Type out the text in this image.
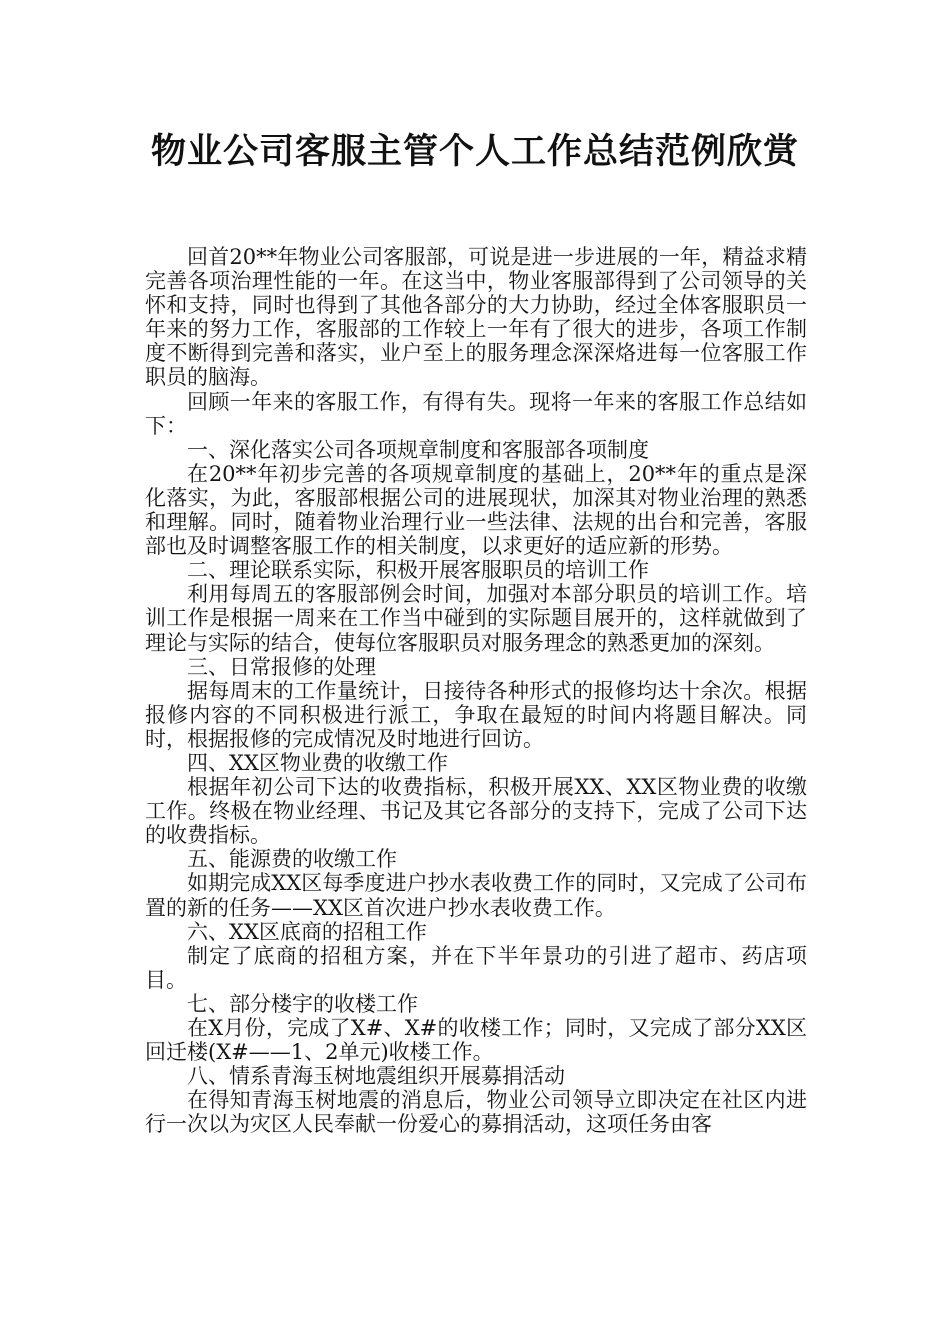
物业公司客服主管个人工作总结范例欣赏

回首20**年物业公司客服部，可说是进一步进展的一年，精益求精完善各项治理性能的一年。在这当中，物业客服部得到了公司领导的关怀和支持，同时也得到了其他各部分的大力协助，经过全体客服职员一年来的努力工作，客服部的工作较上一年有了很大的进步，各项工作制度不断得到完善和落实，业户至上的服务理念深深烙进每一位客服工作职员的脑海。

回顾一年来的客服工作，有得有失。现将一年来的客服工作总结如下：

一、深化落实公司各项规章制度和客服部各项制度

在20**年初步完善的各项规章制度的基础上，20**年的重点是深化落实，为此，客服部根据公司的进展现状，加深其对物业治理的熟悉和理解。同时，随着物业治理行业一些法律、法规的出台和完善，客服部也及时调整客服工作的相关制度，以求更好的适应新的形势。

二、理论联系实际，积极开展客服职员的培训工作

利用每周五的客服部例会时间，加强对本部分职员的培训工作。培训工作是根据一周来在工作当中碰到的实际题目展开的，这样就做到了理论与实际的结合，使每位客服职员对服务理念的熟悉更加的深刻。

三、日常报修的处理

据每周末的工作量统计，日接待各种形式的报修均达十余次。根据报修内容的不同积极进行派工，争取在最短的时间内将题目解决。同时，根据报修的完成情况及时地进行回访。

四、XX区物业费的收缴工作

根据年初公司下达的收费指标，积极开展XX、XX区物业费的收缴工作。终极在物业经理、书记及其它各部分的支持下，完成了公司下达的收费指标。

五、能源费的收缴工作

如期完成XX区每季度进户抄水表收费工作的同时，又完成了公司布置的新的任务——XX区首次进户抄水表收费工作。

六、XX区底商的招租工作

制定了底商的招租方案，并在下半年景功的引进了超市、药店项目。

七、部分楼宇的收楼工作

在X月份，完成了X#、X#的收楼工作；同时，又完成了部分XX区回迁楼(X#——1、2单元)收楼工作。

八、情系青海玉树地震组织开展募捐活动

在得知青海玉树地震的消息后，物业公司领导立即决定在社区内进行一次以为灾区人民奉献一份爱心的募捐活动，这项任务由客
